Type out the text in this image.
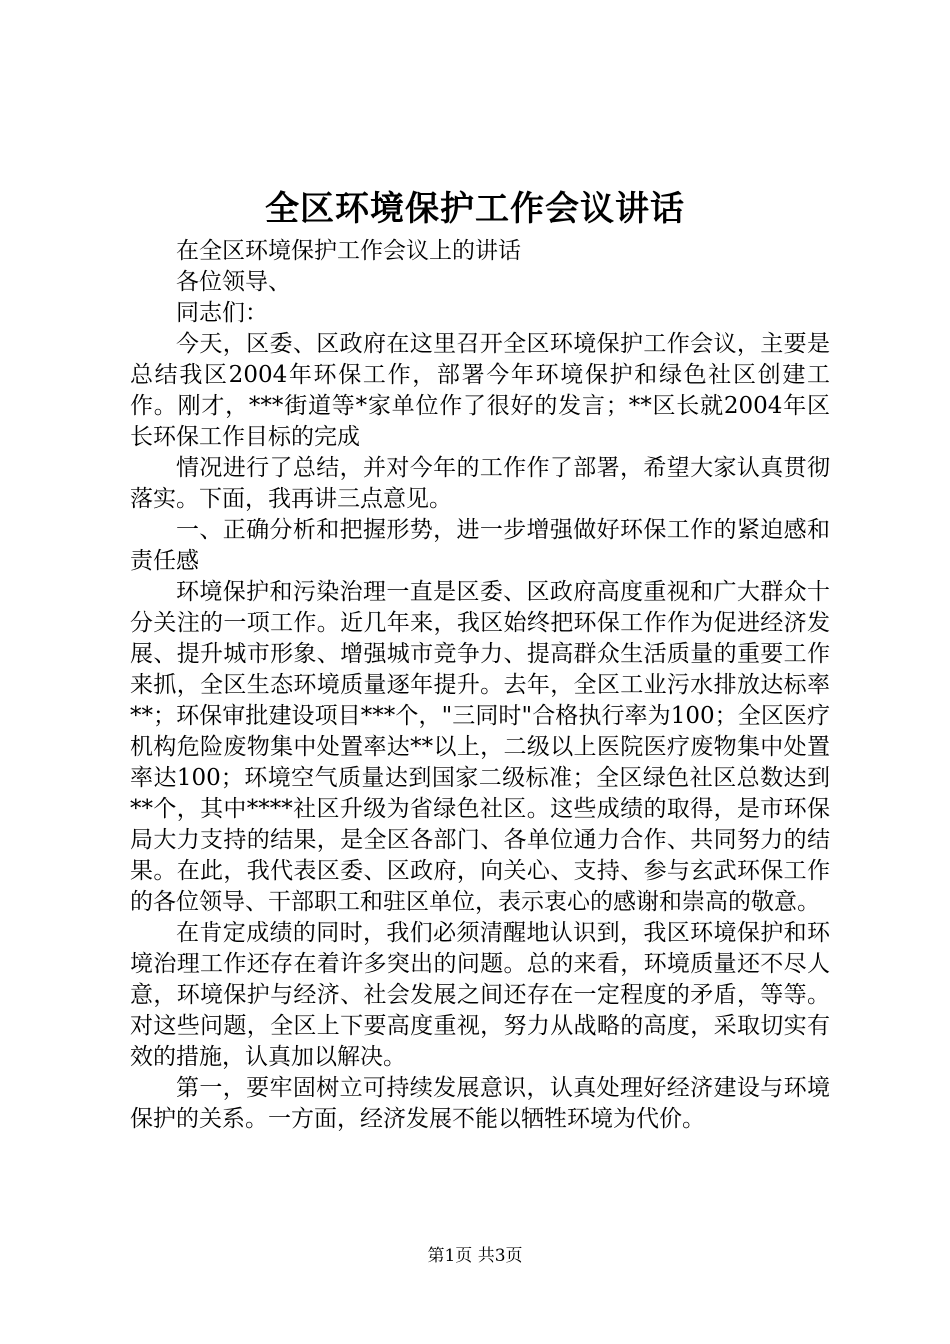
全区环境保护工作会议讲话

在全区环境保护工作会议上的讲话

各位领导、

同志们：

今天，区委、区政府在这里召开全区环境保护工作会议，主要是总结我区2004年环保工作，部署今年环境保护和绿色社区创建工作。刚才，***街道等*家单位作了很好的发言；**区长就2004年区长环保工作目标的完成

情况进行了总结，并对今年的工作作了部署，希望大家认真贯彻落实。下面，我再讲三点意见。

一、正确分析和把握形势，进一步增强做好环保工作的紧迫感和责任感

环境保护和污染治理一直是区委、区政府高度重视和广大群众十分关注的一项工作。近几年来，我区始终把环保工作作为促进经济发展、提升城市形象、增强城市竞争力、提高群众生活质量的重要工作来抓，全区生态环境质量逐年提升。去年，全区工业污水排放达标率**；环保审批建设项目***个，"三同时"合格执行率为100；全区医疗机构危险废物集中处置率达**以上，二级以上医院医疗废物集中处置率达100；环境空气质量达到国家二级标准；全区绿色社区总数达到**个，其中****社区升级为省绿色社区。这些成绩的取得，是市环保局大力支持的结果，是全区各部门、各单位通力合作、共同努力的结果。在此，我代表区委、区政府，向关心、支持、参与玄武环保工作的各位领导、干部职工和驻区单位，表示衷心的感谢和崇高的敬意。

在肯定成绩的同时，我们必须清醒地认识到，我区环境保护和环境治理工作还存在着许多突出的问题。总的来看，环境质量还不尽人意，环境保护与经济、社会发展之间还存在一定程度的矛盾，等等。对这些问题，全区上下要高度重视，努力从战略的高度，采取切实有效的措施，认真加以解决。

第一，要牢固树立可持续发展意识，认真处理好经济建设与环境保护的关系。一方面，经济发展不能以牺牲环境为代价。

第1页 共3页
